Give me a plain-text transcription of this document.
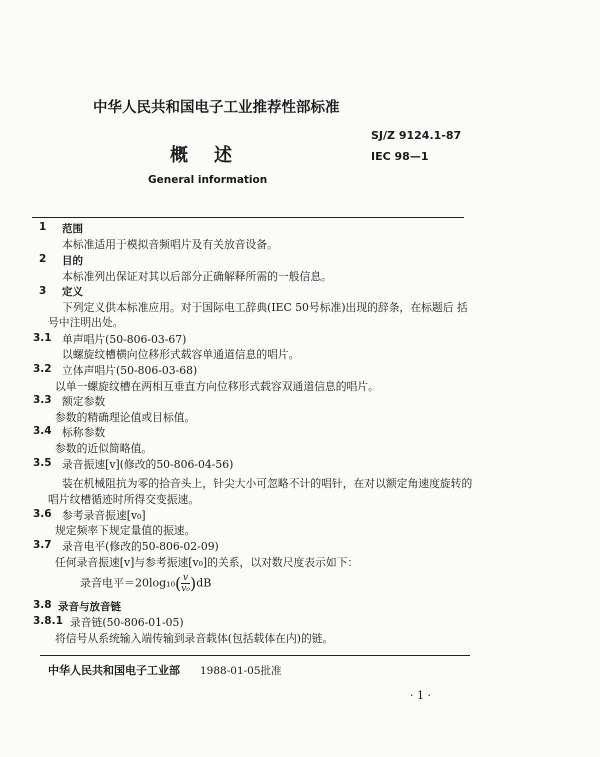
中华人民共和国电子工业推荐性部标准
SJ/Z 9124.1-87
IEC 98—1
概述
General information
1 范围
本标准适用于模拟音频唱片及有关放音设备。
2 目的
本标准列出保证对其以后部分正确解释所需的一般信息。
3 定义
下列定义供本标准应用。对于国际电工辞典(IEC 50号标准)出现的辞条，在标题后 括
号中注明出处。
3.1 单声唱片(50-806-03-67)
以螺旋纹槽横向位移形式载容单通道信息的唱片。
3.2 立体声唱片(50-806-03-68)
以单一螺旋纹槽在两相互垂直方向位移形式载容双通道信息的唱片。
3.3 额定参数
参数的精确理论值或目标值。
3.4 标称参数
参数的近似简略值。
3.5 录音振速[v](修改的50-806-04-56)
装在机械阻抗为零的拾音头上，针尖大小可忽略不计的唱针，在对以额定角速度旋转的
唱片纹槽循迹时所得交变振速。
3.6 参考录音振速[v₀]
规定频率下规定量值的振速。
3.7 录音电平(修改的50-806-02-09)
任何录音振速[v]与参考振速[v₀]的关系，以对数尺度表示如下：
录音电平$=20\log_{10}( \frac{v}{\text{v₀}} )dB$
3.8 录音与放音链
3.8.1 录音链(50-806-01-05)
将信号从系统输入端传输到录音载体(包括载体在内)的链。
中华人民共和国电子工业部 1988-01-05批准
· 1 ·
